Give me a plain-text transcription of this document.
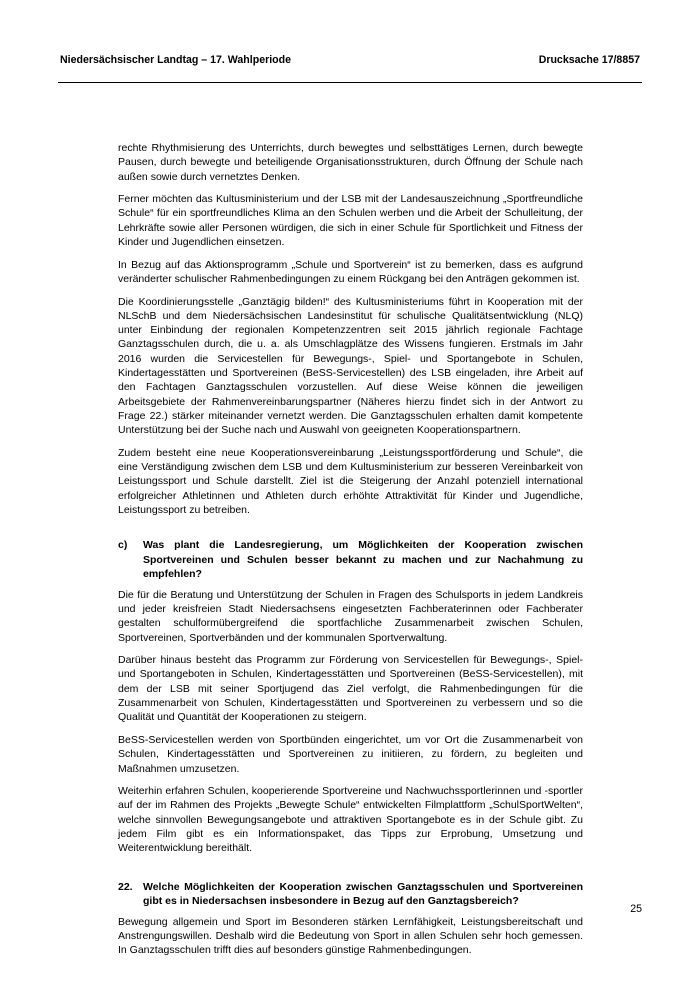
Niedersächsischer Landtag – 17. Wahlperiode	Drucksache 17/8857

rechte Rhythmisierung des Unterrichts, durch bewegtes und selbsttätiges Lernen, durch bewegte Pausen, durch bewegte und beteiligende Organisationsstrukturen, durch Öffnung der Schule nach außen sowie durch vernetztes Denken.

Ferner möchten das Kultusministerium und der LSB mit der Landesauszeichnung „Sportfreundliche Schule“ für ein sportfreundliches Klima an den Schulen werben und die Arbeit der Schulleitung, der Lehrkräfte sowie aller Personen würdigen, die sich in einer Schule für Sportlichkeit und Fitness der Kinder und Jugendlichen einsetzen.

In Bezug auf das Aktionsprogramm „Schule und Sportverein“ ist zu bemerken, dass es aufgrund veränderter schulischer Rahmenbedingungen zu einem Rückgang bei den Anträgen gekommen ist.

Die Koordinierungsstelle „Ganztägig bilden!“ des Kultusministeriums führt in Kooperation mit der NLSchB und dem Niedersächsischen Landesinstitut für schulische Qualitätsentwicklung (NLQ) unter Einbindung der regionalen Kompetenzzentren seit 2015 jährlich regionale Fachtage Ganztagsschulen durch, die u. a. als Umschlagplätze des Wissens fungieren. Erstmals im Jahr 2016 wurden die Servicestellen für Bewegungs-, Spiel- und Sportangebote in Schulen, Kindertagesstätten und Sportvereinen (BeSS-Servicestellen) des LSB eingeladen, ihre Arbeit auf den Fachtagen Ganztagsschulen vorzustellen. Auf diese Weise können die jeweiligen Arbeitsgebiete der Rahmenvereinbarungspartner (Näheres hierzu findet sich in der Antwort zu Frage 22.) stärker miteinander vernetzt werden. Die Ganztagsschulen erhalten damit kompetente Unterstützung bei der Suche nach und Auswahl von geeigneten Kooperationspartnern.

Zudem besteht eine neue Kooperationsvereinbarung „Leistungssportförderung und Schule“, die eine Verständigung zwischen dem LSB und dem Kultusministerium zur besseren Vereinbarkeit von Leistungssport und Schule darstellt. Ziel ist die Steigerung der Anzahl potenziell international erfolgreicher Athletinnen und Athleten durch erhöhte Attraktivität für Kinder und Jugendliche, Leistungssport zu betreiben.

c)	Was plant die Landesregierung, um Möglichkeiten der Kooperation zwischen Sportvereinen und Schulen besser bekannt zu machen und zur Nachahmung zu empfehlen?

Die für die Beratung und Unterstützung der Schulen in Fragen des Schulsports in jedem Landkreis und jeder kreisfreien Stadt Niedersachsens eingesetzten Fachberaterinnen oder Fachberater gestalten schulformübergreifend die sportfachliche Zusammenarbeit zwischen Schulen, Sportvereinen, Sportverbänden und der kommunalen Sportverwaltung.

Darüber hinaus besteht das Programm zur Förderung von Servicestellen für Bewegungs-, Spiel- und Sportangeboten in Schulen, Kindertagesstätten und Sportvereinen (BeSS-Servicestellen), mit dem der LSB mit seiner Sportjugend das Ziel verfolgt, die Rahmenbedingungen für die Zusammenarbeit von Schulen, Kindertagesstätten und Sportvereinen zu verbessern und so die Qualität und Quantität der Kooperationen zu steigern.

BeSS-Servicestellen werden von Sportbünden eingerichtet, um vor Ort die Zusammenarbeit von Schulen, Kindertagesstätten und Sportvereinen zu initiieren, zu fördern, zu begleiten und Maßnahmen umzusetzen.

Weiterhin erfahren Schulen, kooperierende Sportvereine und Nachwuchssportlerinnen und -sportler auf der im Rahmen des Projekts „Bewegte Schule“ entwickelten Filmplattform „SchulSportWelten“, welche sinnvollen Bewegungsangebote und attraktiven Sportangebote es in der Schule gibt. Zu jedem Film gibt es ein Informationspaket, das Tipps zur Erprobung, Umsetzung und Weiterentwicklung bereithält.

22. Welche Möglichkeiten der Kooperation zwischen Ganztagsschulen und Sportvereinen gibt es in Niedersachsen insbesondere in Bezug auf den Ganztagsbereich?

Bewegung allgemein und Sport im Besonderen stärken Lernfähigkeit, Leistungsbereitschaft und Anstrengungswillen. Deshalb wird die Bedeutung von Sport in allen Schulen sehr hoch gemessen. In Ganztagsschulen trifft dies auf besonders günstige Rahmenbedingungen.

25
